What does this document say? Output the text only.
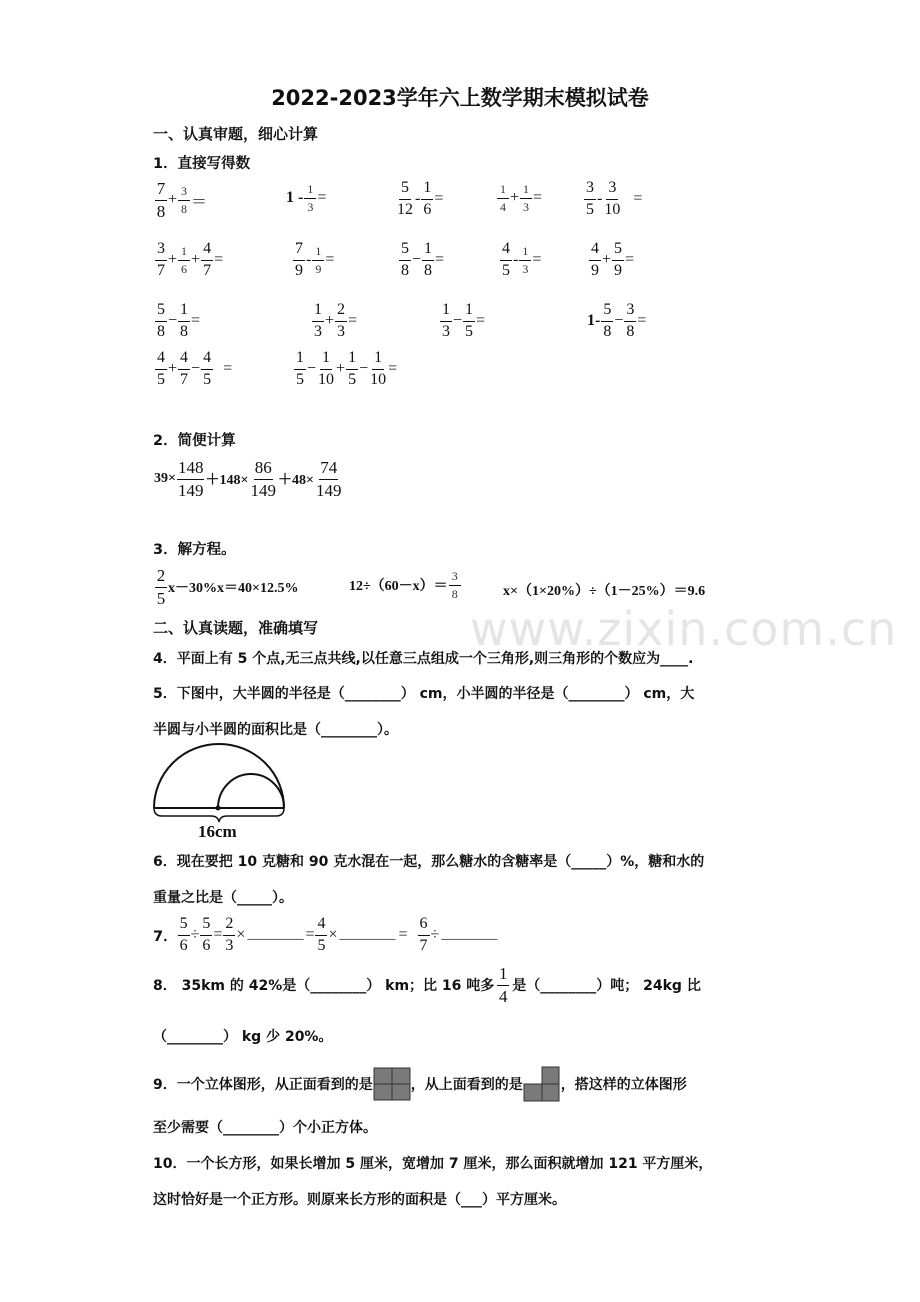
2022-2023学年六上数学期末模拟试卷
一、认真审题，细心计算
1．直接写得数
$\frac{7}{8} + \frac{3}{8}$ ＝	$1 - \frac{1}{3}$ =	$\frac{5}{12} - \frac{1}{6}$ =	$\frac{1}{4} + \frac{1}{3}$ =	$\frac{3}{5} - \frac{3}{10}$ =
$\frac{3}{7} + \frac{1}{6} + \frac{4}{7}$ =	$\frac{7}{9} - \frac{1}{9}$ =	$\frac{5}{8} - \frac{1}{8}$ =	$\frac{4}{5} - \frac{1}{3}$ =	$\frac{4}{9} + \frac{5}{9}$ =
$\frac{5}{8} - \frac{1}{8}$ =	$\frac{1}{3} + \frac{2}{3}$ =	$\frac{1}{3} - \frac{1}{5}$ =	$1- \frac{5}{8} - \frac{3}{8}$ =
$\frac{4}{5} + \frac{4}{7} - \frac{4}{5}$ =	$\frac{1}{5} - \frac{1}{10} + \frac{1}{5} - \frac{1}{10}$ =
2．简便计算
$39\times \frac{148}{149} +148\times \frac{86}{149} +48\times \frac{74}{149}$
3．解方程。
$\frac{2}{5} x-30\%x=40\times 12.5\%$	$12\div(60-x)= \frac{3}{8}$	x×（1×20%）÷（1－25%）＝9.6
www.zixin.com.cn
二、认真读题，准确填写
4．平面上有 5 个点,无三点共线,以任意三点组成一个三角形,则三角形的个数应为____.
5．下图中，大半圆的半径是（________） cm，小半圆的半径是（________） cm，大
半圆与小半圆的面积比是（________）。
16cm
6．现在要把 10 克糖和 90 克水混在一起，那么糖水的含糖率是（_____）%，糖和水的
重量之比是（_____）。
7． $\frac{5}{6} \div \frac{5}{6} = \frac{2}{3}$ × ________ = $\frac{4}{5}$ × ________ = $\frac{6}{7}$ ÷ ________
8． 35km 的 42%是（________） km；比 16 吨多 $\frac{1}{4}$ 是（________）吨； 24kg 比
（________） kg 少 20%。
9．一个立体图形，从正面看到的是	，从上面看到的是	，搭这样的立体图形
至少需要（________）个小正方体。
10．一个长方形，如果长增加 5 厘米，宽增加 7 厘米，那么面积就增加 121 平方厘米，
这时恰好是一个正方形。则原来长方形的面积是（___）平方厘米。
